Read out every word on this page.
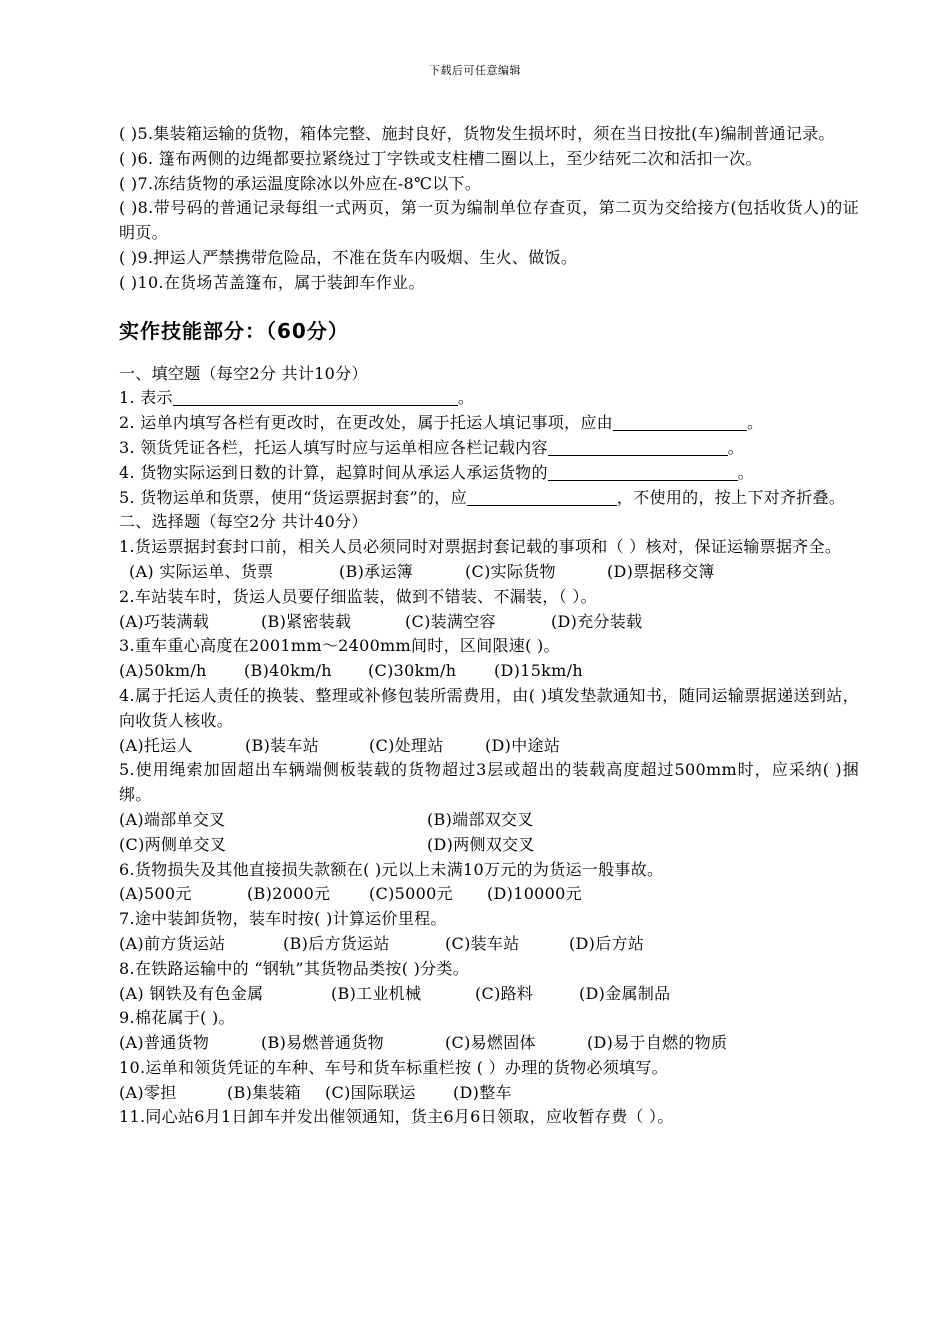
下载后可任意编辑
( )5.集装箱运输的货物，箱体完整、施封良好，货物发生损坏时，须在当日按批(车)编制普通记录。
( )6. 篷布两侧的边绳都要拉紧绕过丁字铁或支柱槽二圈以上，至少结死二次和活扣一次。
( )7.冻结货物的承运温度除冰以外应在-8℃以下。
( )8.带号码的普通记录每组一式两页，第一页为编制单位存查页，第二页为交给接方(包括收货人)的证明页。
( )9.押运人严禁携带危险品，不准在货车内吸烟、生火、做饭。
( )10.在货场苫盖篷布，属于装卸车作业。
实作技能部分：（60分）
一、填空题（每空2分 共计10分）
1. 表示	。
2. 运单内填写各栏有更改时，在更改处，属于托运人填记事项，应由	。
3. 领货凭证各栏，托运人填写时应与运单相应各栏记载内容	。
4. 货物实际运到日数的计算，起算时间从承运人承运货物的	。
5. 货物运单和货票，使用“货运票据封套”的，应	，不使用的，按上下对齐折叠。
二、选择题（每空2分 共计40分）
1.货运票据封套封口前，相关人员必须同时对票据封套记载的事项和（ ）核对，保证运输票据齐全。
(A) 实际运单、货票	(B)承运簿	(C)实际货物	(D)票据移交簿
2.车站装车时，货运人员要仔细监装，做到不错装、不漏装，（ ）。
(A)巧装满载	(B)紧密装载	(C)装满空容	(D)充分装载
3.重车重心高度在2001mm～2400mm间时，区间限速( )。
(A)50km/h (B)40km/h (C)30km/h (D)15km/h
4.属于托运人责任的换装、整理或补修包装所需费用，由( )填发垫款通知书，随同运输票据递送到站，向收货人核收。
(A)托运人	(B)装车站	(C)处理站	(D)中途站
5.使用绳索加固超出车辆端侧板装载的货物超过3层或超出的装载高度超过500mm时，应采纳( )捆绑。
(A)端部单交叉	(B)端部双交叉
(C)两侧单交叉	(D)两侧双交叉
6.货物损失及其他直接损失款额在( )元以上未满10万元的为货运一般事故。
(A)500元	(B)2000元 (C)5000元 (D)10000元
7.途中装卸货物，装车时按( )计算运价里程。
(A)前方货运站	(B)后方货运站	(C)装车站	(D)后方站
8.在铁路运输中的 “钢轨”其货物品类按( )分类。
(A) 钢铁及有色金属	(B)工业机械	(C)路料	(D)金属制品
9.棉花属于( )。
(A)普通货物	(B)易燃普通货物	(C)易燃固体	(D)易于自燃的物质
10.运单和领货凭证的车种、车号和货车标重栏按 ( ）办理的货物必须填写。
(A)零担	(B)集装箱 (C)国际联运 (D)整车
11.同心站6月1日卸车并发出催领通知，货主6月6日领取，应收暂存费（ ）。
